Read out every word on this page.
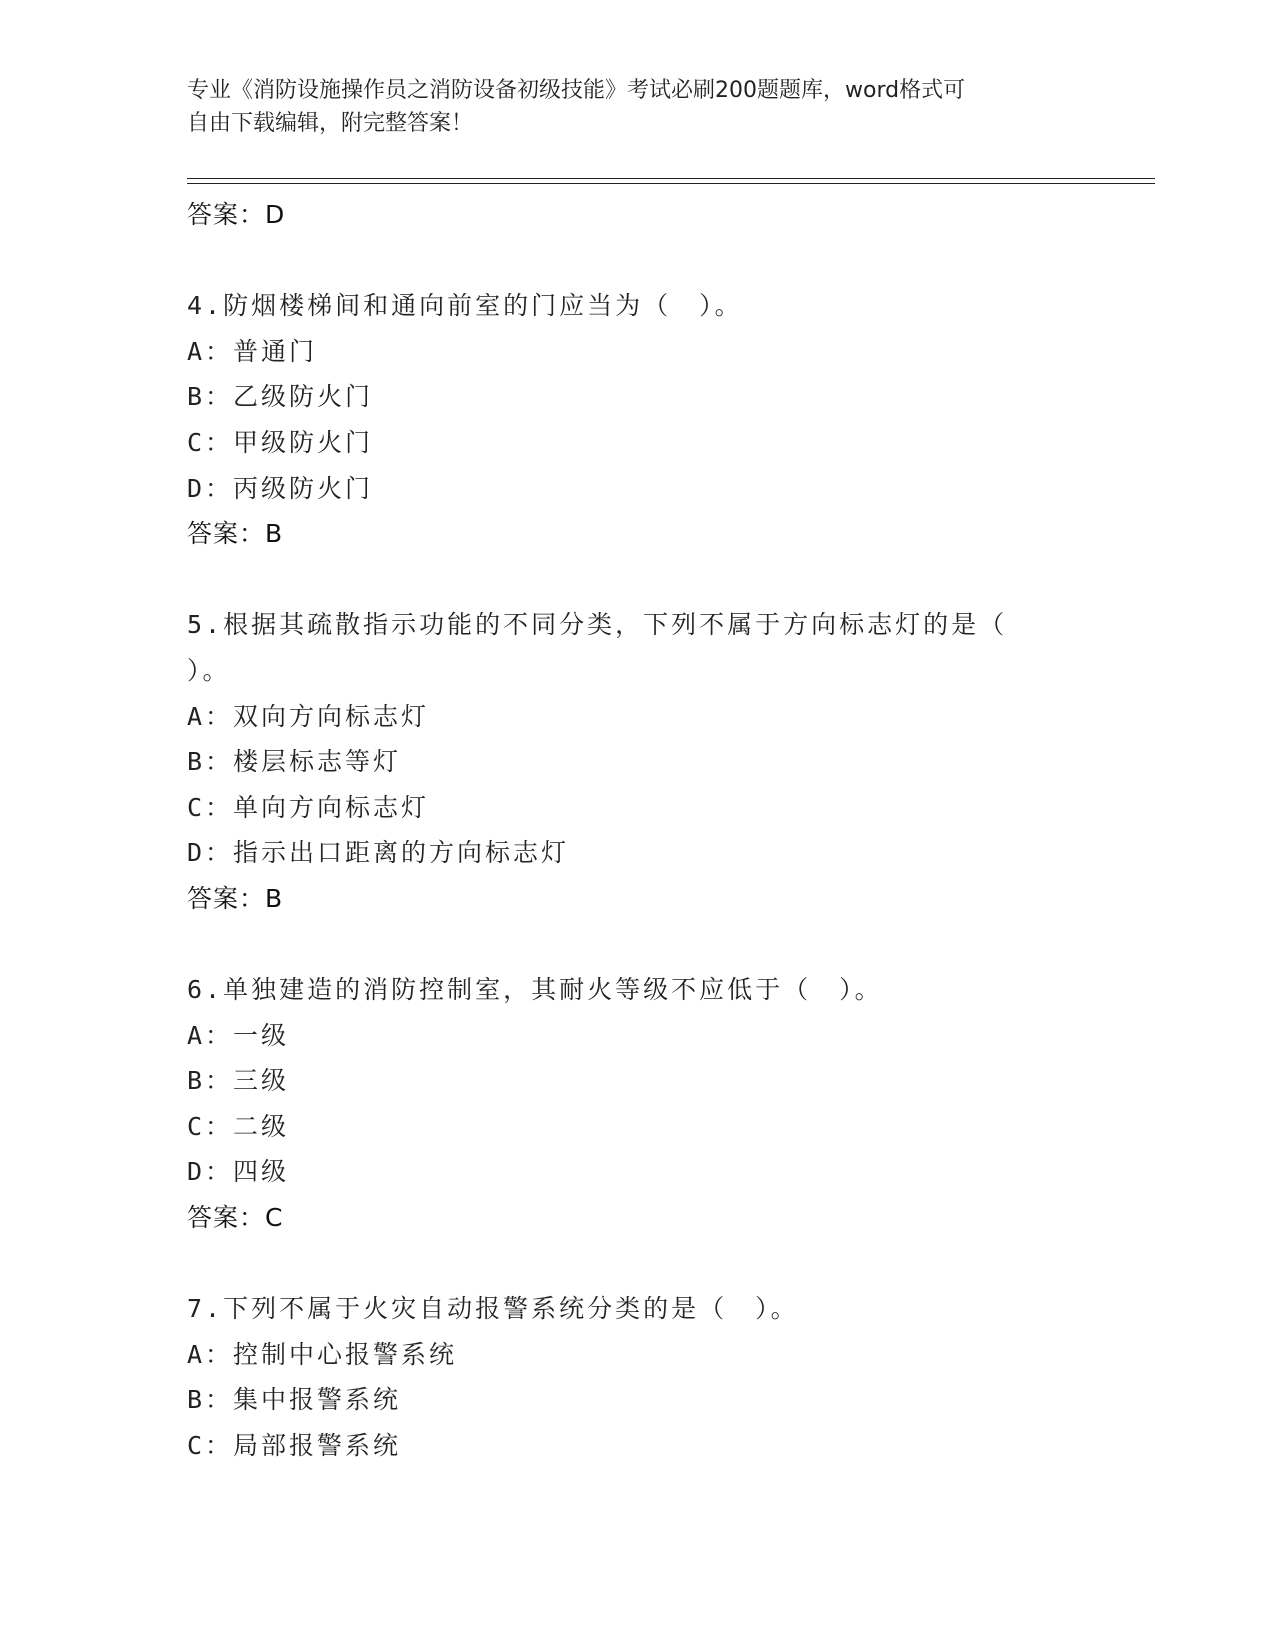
专业《消防设施操作员之消防设备初级技能》考试必刷200题题库，word格式可
自由下载编辑，附完整答案！
答案：D
4.防烟楼梯间和通向前室的门应当为（　）。
A：普通门
B：乙级防火门
C：甲级防火门
D：丙级防火门
答案：B
5.根据其疏散指示功能的不同分类，下列不属于方向标志灯的是（
）。
A：双向方向标志灯
B：楼层标志等灯
C：单向方向标志灯
D：指示出口距离的方向标志灯
答案：B
6.单独建造的消防控制室，其耐火等级不应低于（　）。
A：一级
B：三级
C：二级
D：四级
答案：C
7.下列不属于火灾自动报警系统分类的是（　）。
A：控制中心报警系统
B：集中报警系统
C：局部报警系统
